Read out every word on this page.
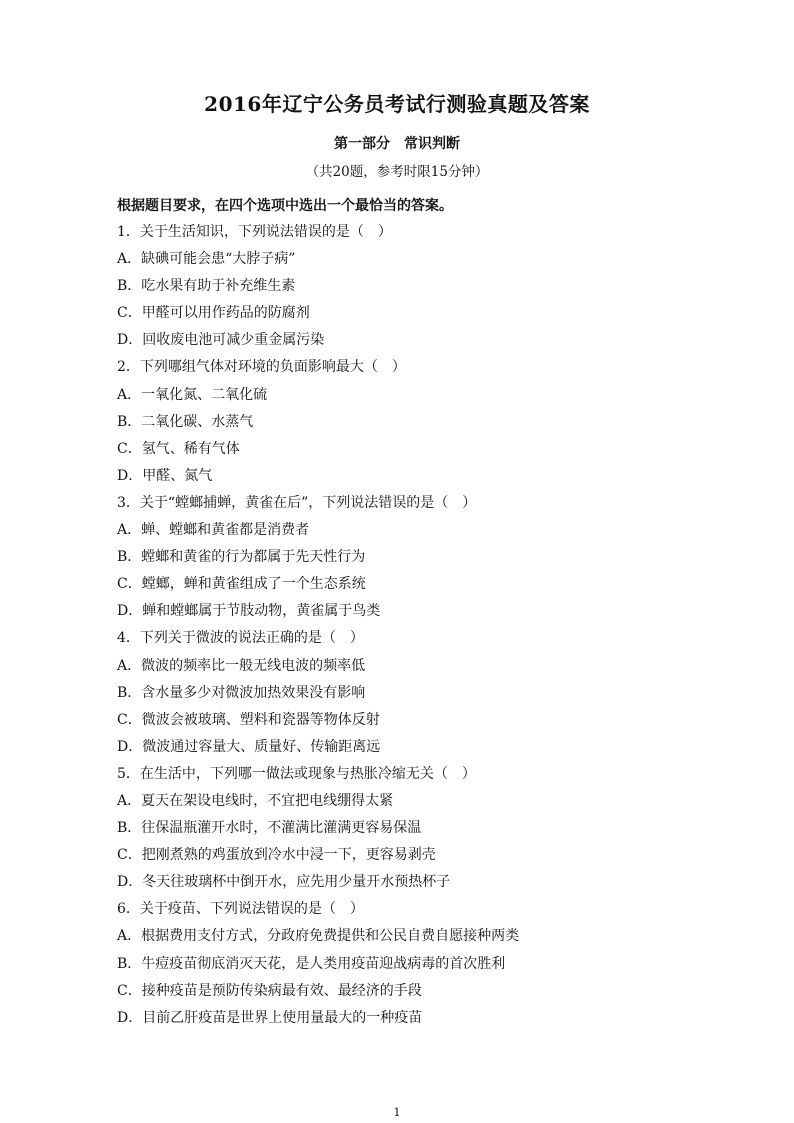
2016年辽宁公务员考试行测验真题及答案
第一部分　常识判断
（共20题，参考时限15分钟）
根据题目要求，在四个选项中选出一个最恰当的答案。
1．关于生活知识，下列说法错误的是（　）
A．缺碘可能会患“大脖子病”
B．吃水果有助于补充维生素
C．甲醛可以用作药品的防腐剂
D．回收废电池可减少重金属污染
2．下列哪组气体对环境的负面影响最大（　）
A．一氧化氮、二氧化硫
B．二氧化碳、水蒸气
C．氢气、稀有气体
D．甲醛、氮气
3．关于“螳螂捕蝉，黄雀在后”，下列说法错误的是（　）
A．蝉、螳螂和黄雀都是消费者
B．螳螂和黄雀的行为都属于先天性行为
C．螳螂，蝉和黄雀组成了一个生态系统
D．蝉和螳螂属于节肢动物，黄雀属于鸟类
4．下列关于微波的说法正确的是（　）
A．微波的频率比一般无线电波的频率低
B．含水量多少对微波加热效果没有影响
C．微波会被玻璃、塑料和瓷器等物体反射
D．微波通过容量大、质量好、传输距离远
5．在生活中，下列哪一做法或现象与热胀冷缩无关（　）
A．夏天在架设电线时，不宜把电线绷得太紧
B．往保温瓶灌开水时，不灌满比灌满更容易保温
C．把刚煮熟的鸡蛋放到冷水中浸一下，更容易剥壳
D．冬天往玻璃杯中倒开水，应先用少量开水预热杯子
6．关于疫苗、下列说法错误的是（　）
A．根据费用支付方式，分政府免费提供和公民自费自愿接种两类
B．牛痘疫苗彻底消灭天花，是人类用疫苗迎战病毒的首次胜利
C．接种疫苗是预防传染病最有效、最经济的手段
D．目前乙肝疫苗是世界上使用量最大的一种疫苗
1
